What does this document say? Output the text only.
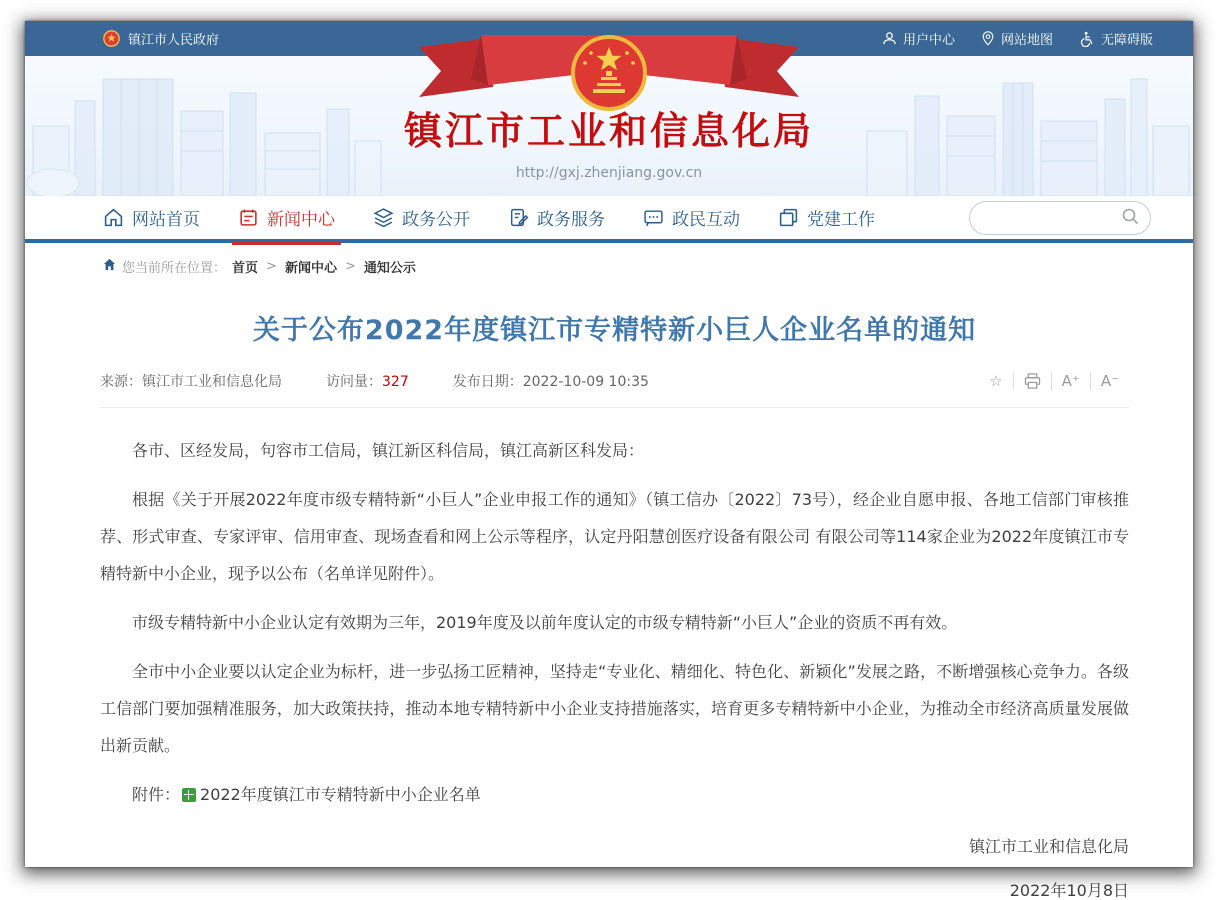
镇江市人民政府	用户中心	网站地图	无障碍版
镇江市工业和信息化局
http://gxj.zhenjiang.gov.cn
网站首页	新闻中心	政务公开	政务服务	政民互动	党建工作
您当前所在位置： 首页 > 新闻中心 > 通知公示
关于公布2022年度镇江市专精特新小巨人企业名单的通知
来源：镇江市工业和信息化局	访问量：327	发布日期：2022-10-09 10:35	☆	A⁺	A⁻

各市、区经发局，句容市工信局，镇江新区科信局，镇江高新区科发局：

根据《关于开展2022年度市级专精特新“小巨人”企业申报工作的通知》（镇工信办〔2022〕73号），经企业自愿申报、各地工信部门审核推荐、形式审查、专家评审、信用审查、现场查看和网上公示等程序，认定丹阳慧创医疗设备有限公司 有限公司等114家企业为2022年度镇江市专精特新中小企业，现予以公布（名单详见附件）。

市级专精特新中小企业认定有效期为三年，2019年度及以前年度认定的市级专精特新“小巨人”企业的资质不再有效。

全市中小企业要以认定企业为标杆，进一步弘扬工匠精神，坚持走“专业化、精细化、特色化、新颖化”发展之路，不断增强核心竞争力。各级工信部门要加强精准服务，加大政策扶持，推动本地专精特新中小企业支持措施落实，培育更多专精特新中小企业，为推动全市经济高质量发展做出新贡献。

附件： 2022年度镇江市专精特新中小企业名单
镇江市工业和信息化局
2022年10月8日
